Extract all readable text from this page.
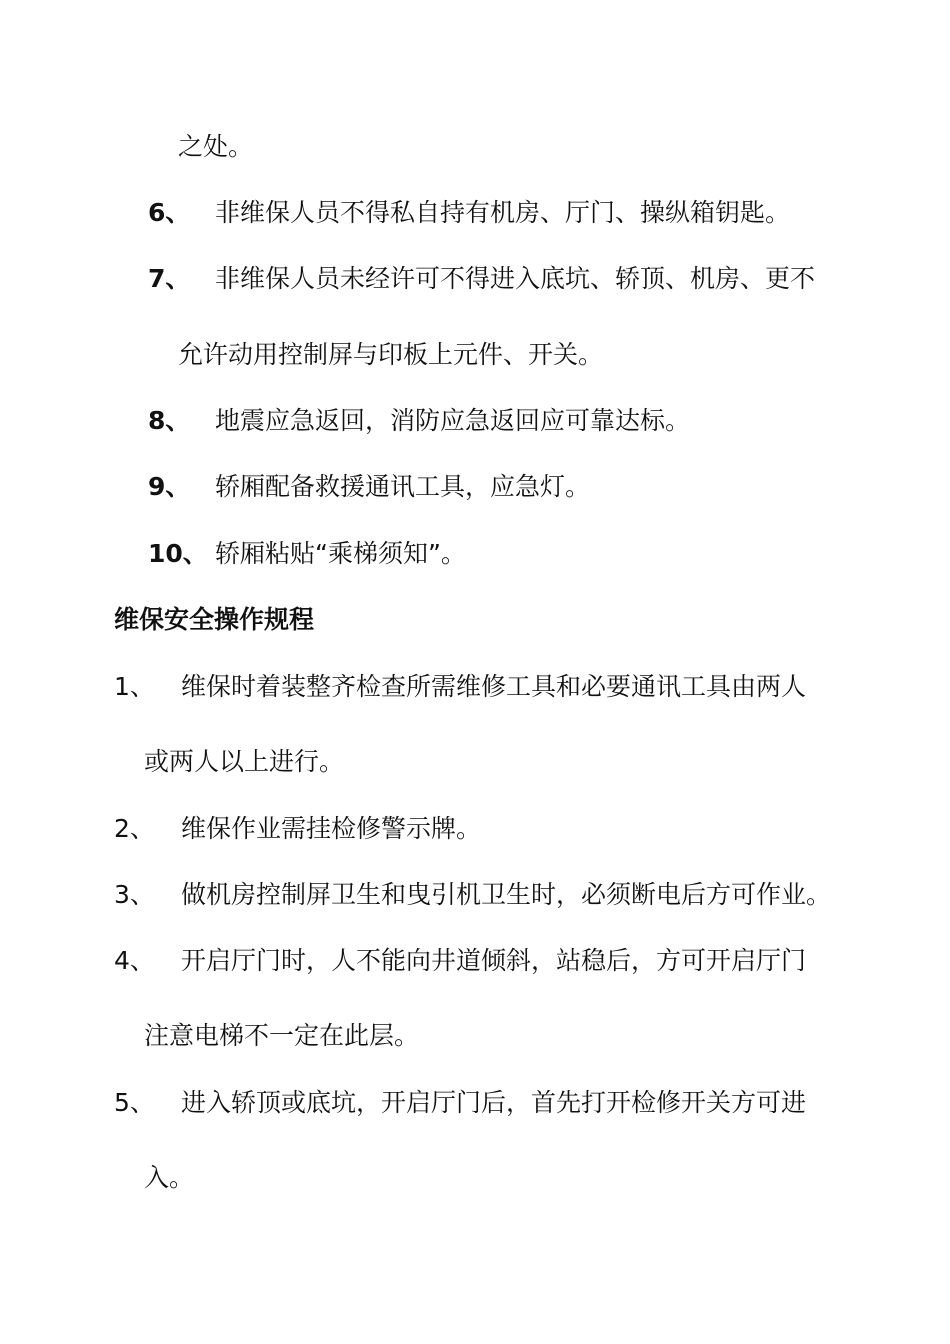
之处。
6、 非维保人员不得私自持有机房、厅门、操纵箱钥匙。
7、 非维保人员未经许可不得进入底坑、轿顶、机房、更不
允许动用控制屏与印板上元件、开关。
8、 地震应急返回，消防应急返回应可靠达标。
9、 轿厢配备救援通讯工具，应急灯。
10、 轿厢粘贴“乘梯须知”。
维保安全操作规程
1、 维保时着装整齐检查所需维修工具和必要通讯工具由两人
或两人以上进行。
2、 维保作业需挂检修警示牌。
3、 做机房控制屏卫生和曳引机卫生时，必须断电后方可作业。
4、 开启厅门时，人不能向井道倾斜，站稳后，方可开启厅门
注意电梯不一定在此层。
5、 进入轿顶或底坑，开启厅门后，首先打开检修开关方可进
入。
